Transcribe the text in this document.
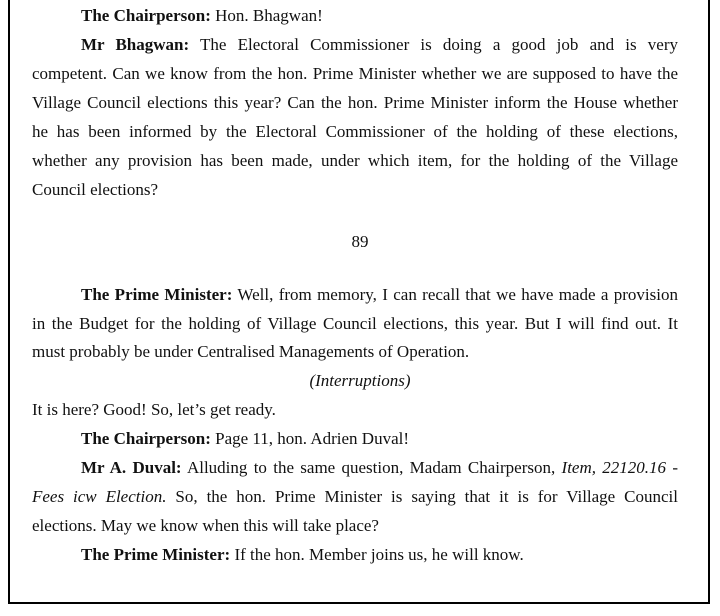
The Chairperson: Hon. Bhagwan!
Mr Bhagwan: The Electoral Commissioner is doing a good job and is very
competent. Can we know from the hon. Prime Minister whether we are supposed to have the
Village Council elections this year? Can the hon. Prime Minister inform the House whether
he has been informed by the Electoral Commissioner of the holding of these elections,
whether any provision has been made, under which item, for the holding of the Village
Council elections?
89
The Prime Minister: Well, from memory, I can recall that we have made a provision
in the Budget for the holding of Village Council elections, this year. But I will find out. It
must probably be under Centralised Managements of Operation.
(Interruptions)
It is here? Good! So, let’s get ready.
The Chairperson: Page 11, hon. Adrien Duval!
Mr A. Duval: Alluding to the same question, Madam Chairperson, Item, 22120.16 -
Fees icw Election. So, the hon. Prime Minister is saying that it is for Village Council
elections. May we know when this will take place?
The Prime Minister: If the hon. Member joins us, he will know.
